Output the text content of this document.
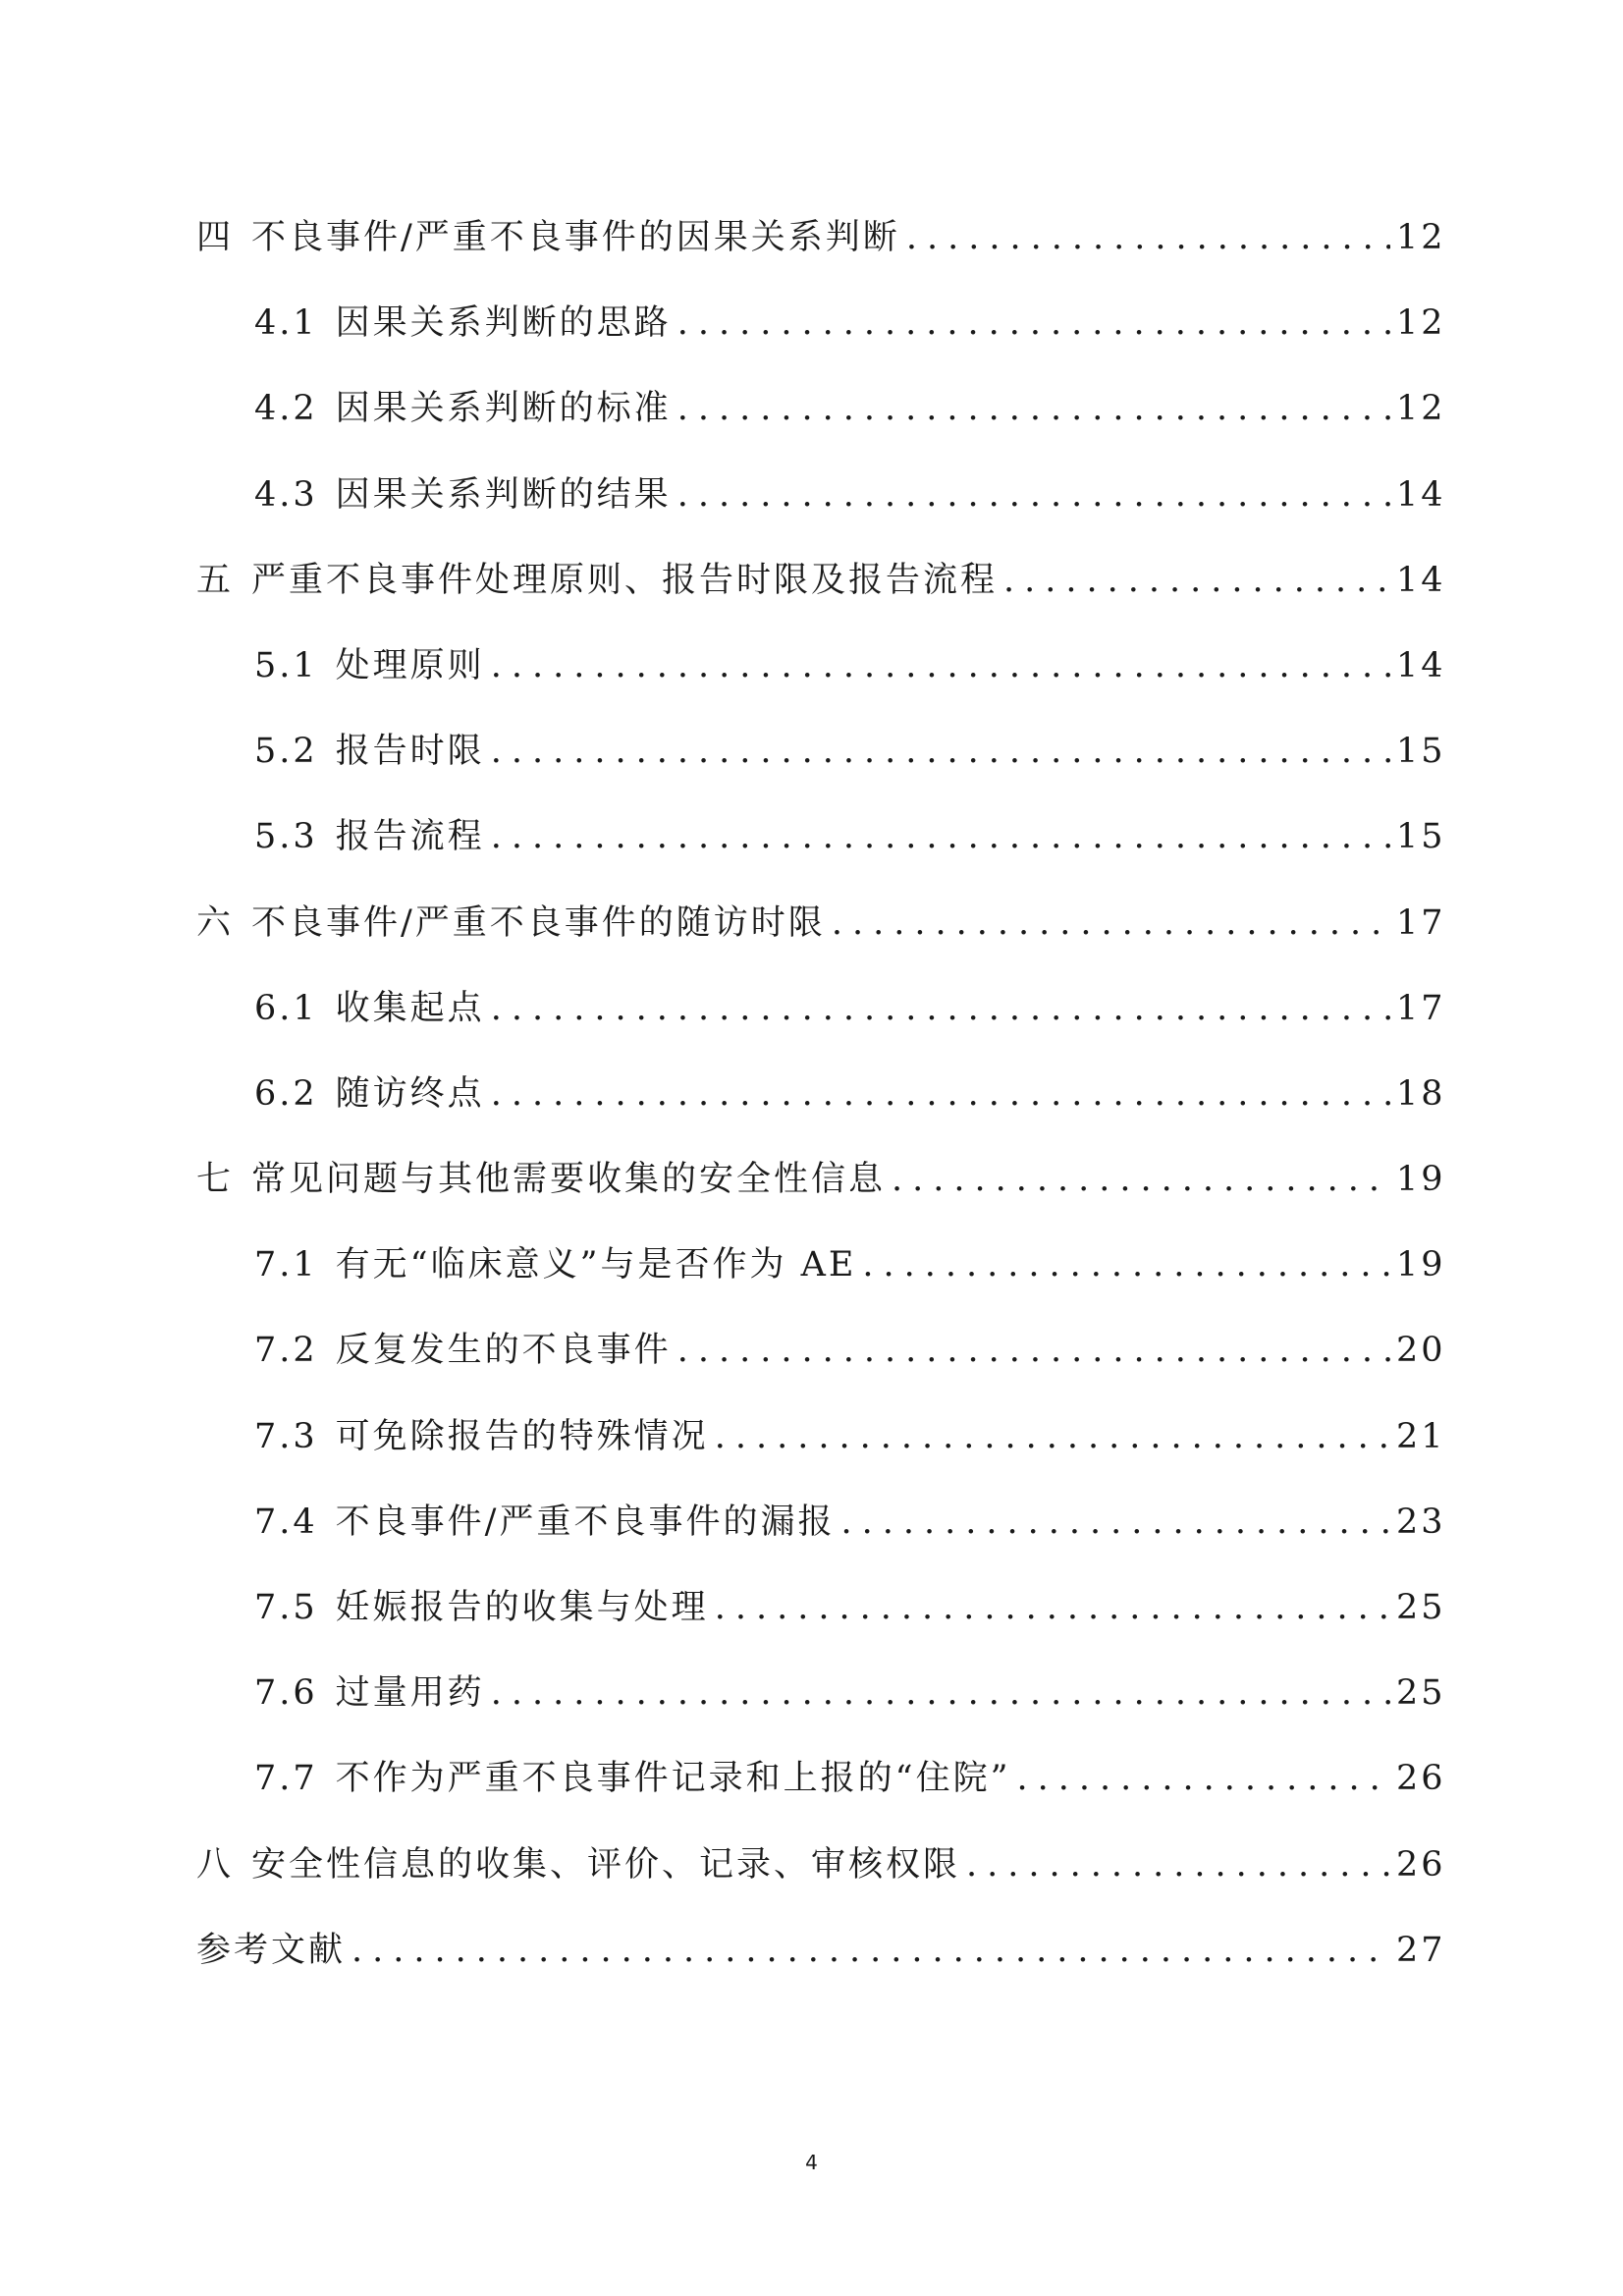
四 不良事件/严重不良事件的因果关系判断 .....	12
4.1 因果关系判断的思路 .....	12
4.2 因果关系判断的标准 .....	12
4.3 因果关系判断的结果 .....	14
五 严重不良事件处理原则、报告时限及报告流程 .....	14
5.1 处理原则 .....	14
5.2 报告时限 .....	15
5.3 报告流程 .....	15
六 不良事件/严重不良事件的随访时限 .....	17
6.1 收集起点 .....	17
6.2 随访终点 .....	18
七 常见问题与其他需要收集的安全性信息 .....	19
7.1 有无“临床意义”与是否作为 AE .....	19
7.2 反复发生的不良事件 .....	20
7.3 可免除报告的特殊情况 .....	21
7.4 不良事件/严重不良事件的漏报 .....	23
7.5 妊娠报告的收集与处理 .....	25
7.6 过量用药 .....	25
7.7 不作为严重不良事件记录和上报的“住院” .....	26
八 安全性信息的收集、评价、记录、审核权限 .....	26
参考文献 .....	27
4
